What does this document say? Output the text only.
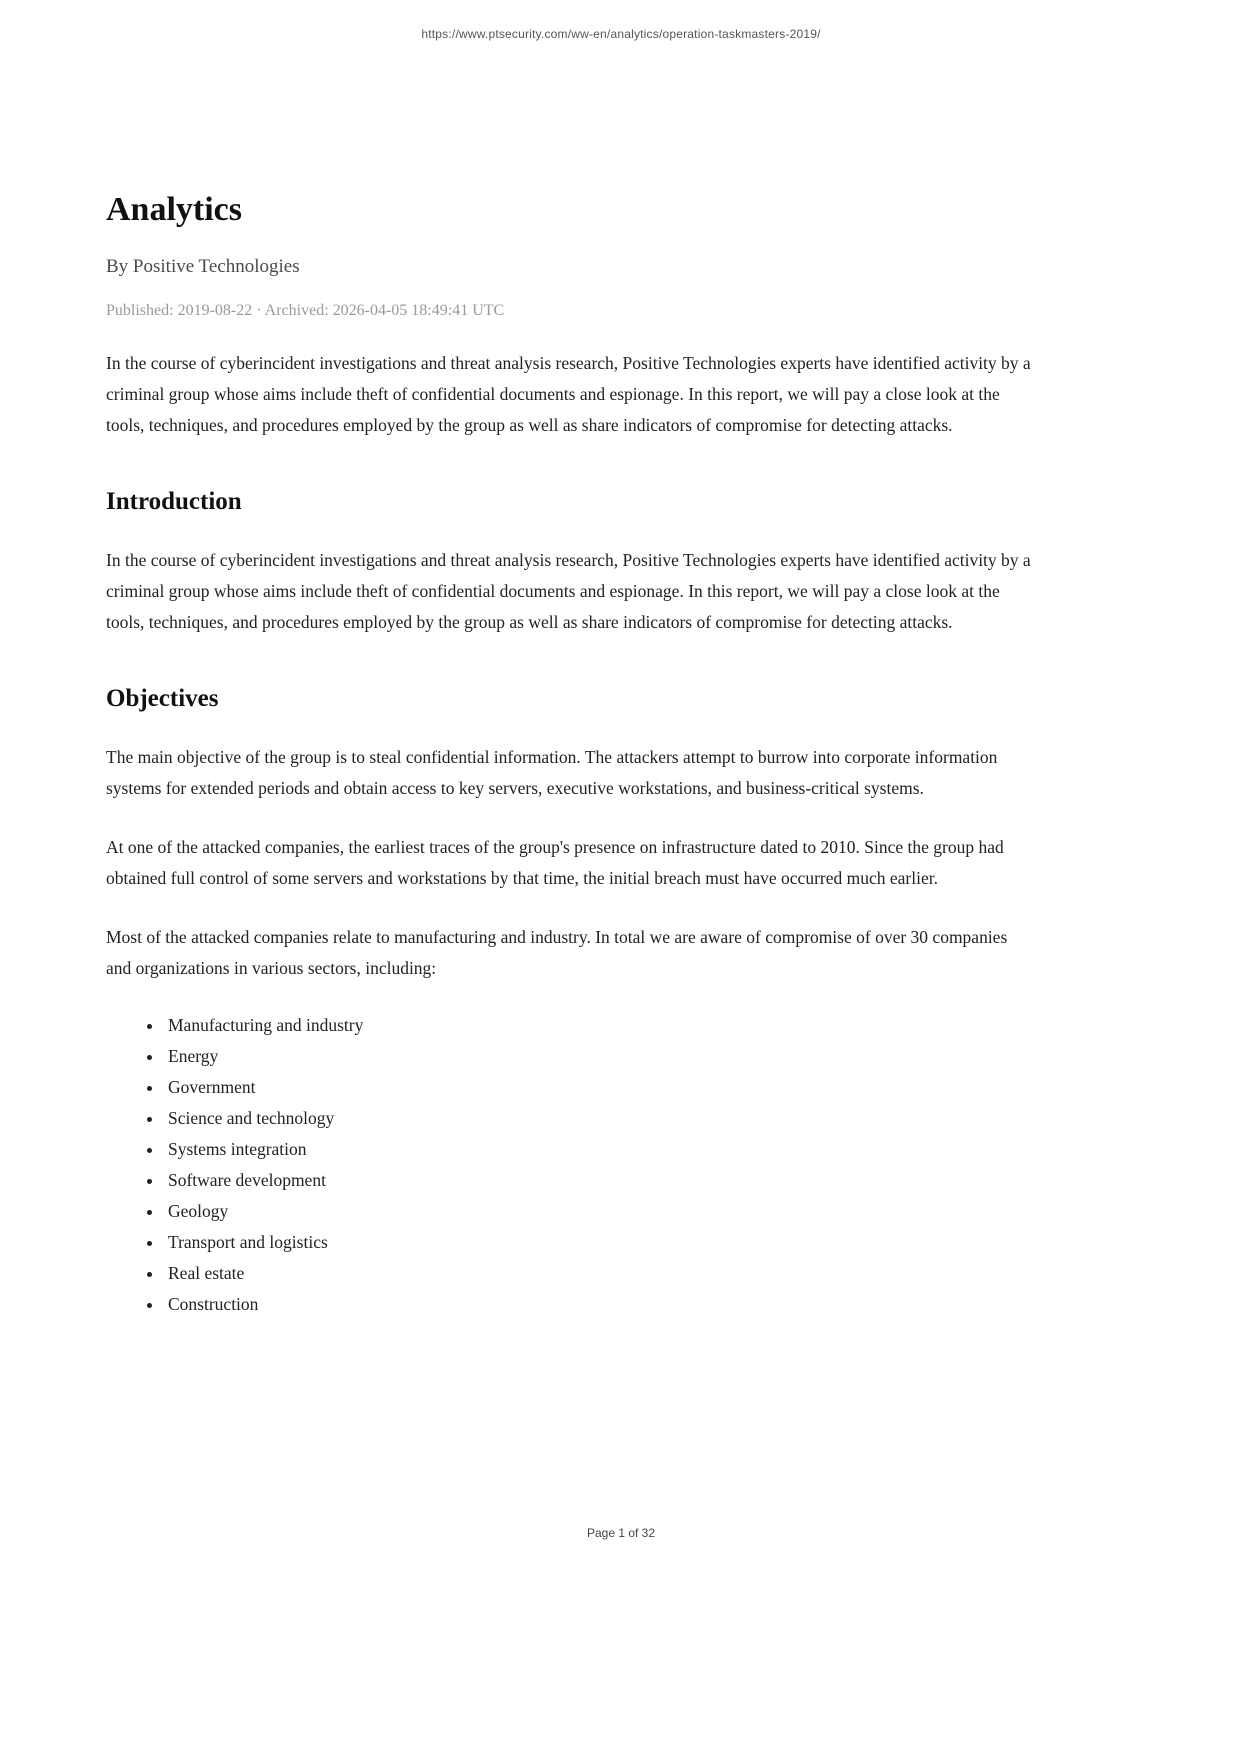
https://www.ptsecurity.com/ww-en/analytics/operation-taskmasters-2019/
Analytics
By Positive Technologies
Published: 2019-08-22 · Archived: 2026-04-05 18:49:41 UTC

In the course of cyberincident investigations and threat analysis research, Positive Technologies experts have identified activity by a criminal group whose aims include theft of confidential documents and espionage. In this report, we will pay a close look at the tools, techniques, and procedures employed by the group as well as share indicators of compromise for detecting attacks.

Introduction

In the course of cyberincident investigations and threat analysis research, Positive Technologies experts have identified activity by a criminal group whose aims include theft of confidential documents and espionage. In this report, we will pay a close look at the tools, techniques, and procedures employed by the group as well as share indicators of compromise for detecting attacks.

Objectives

The main objective of the group is to steal confidential information. The attackers attempt to burrow into corporate information systems for extended periods and obtain access to key servers, executive workstations, and business-critical systems.

At one of the attacked companies, the earliest traces of the group's presence on infrastructure dated to 2010. Since the group had obtained full control of some servers and workstations by that time, the initial breach must have occurred much earlier.

Most of the attacked companies relate to manufacturing and industry. In total we are aware of compromise of over 30 companies and organizations in various sectors, including:

• Manufacturing and industry
• Energy
• Government
• Science and technology
• Systems integration
• Software development
• Geology
• Transport and logistics
• Real estate
• Construction
Page 1 of 32
